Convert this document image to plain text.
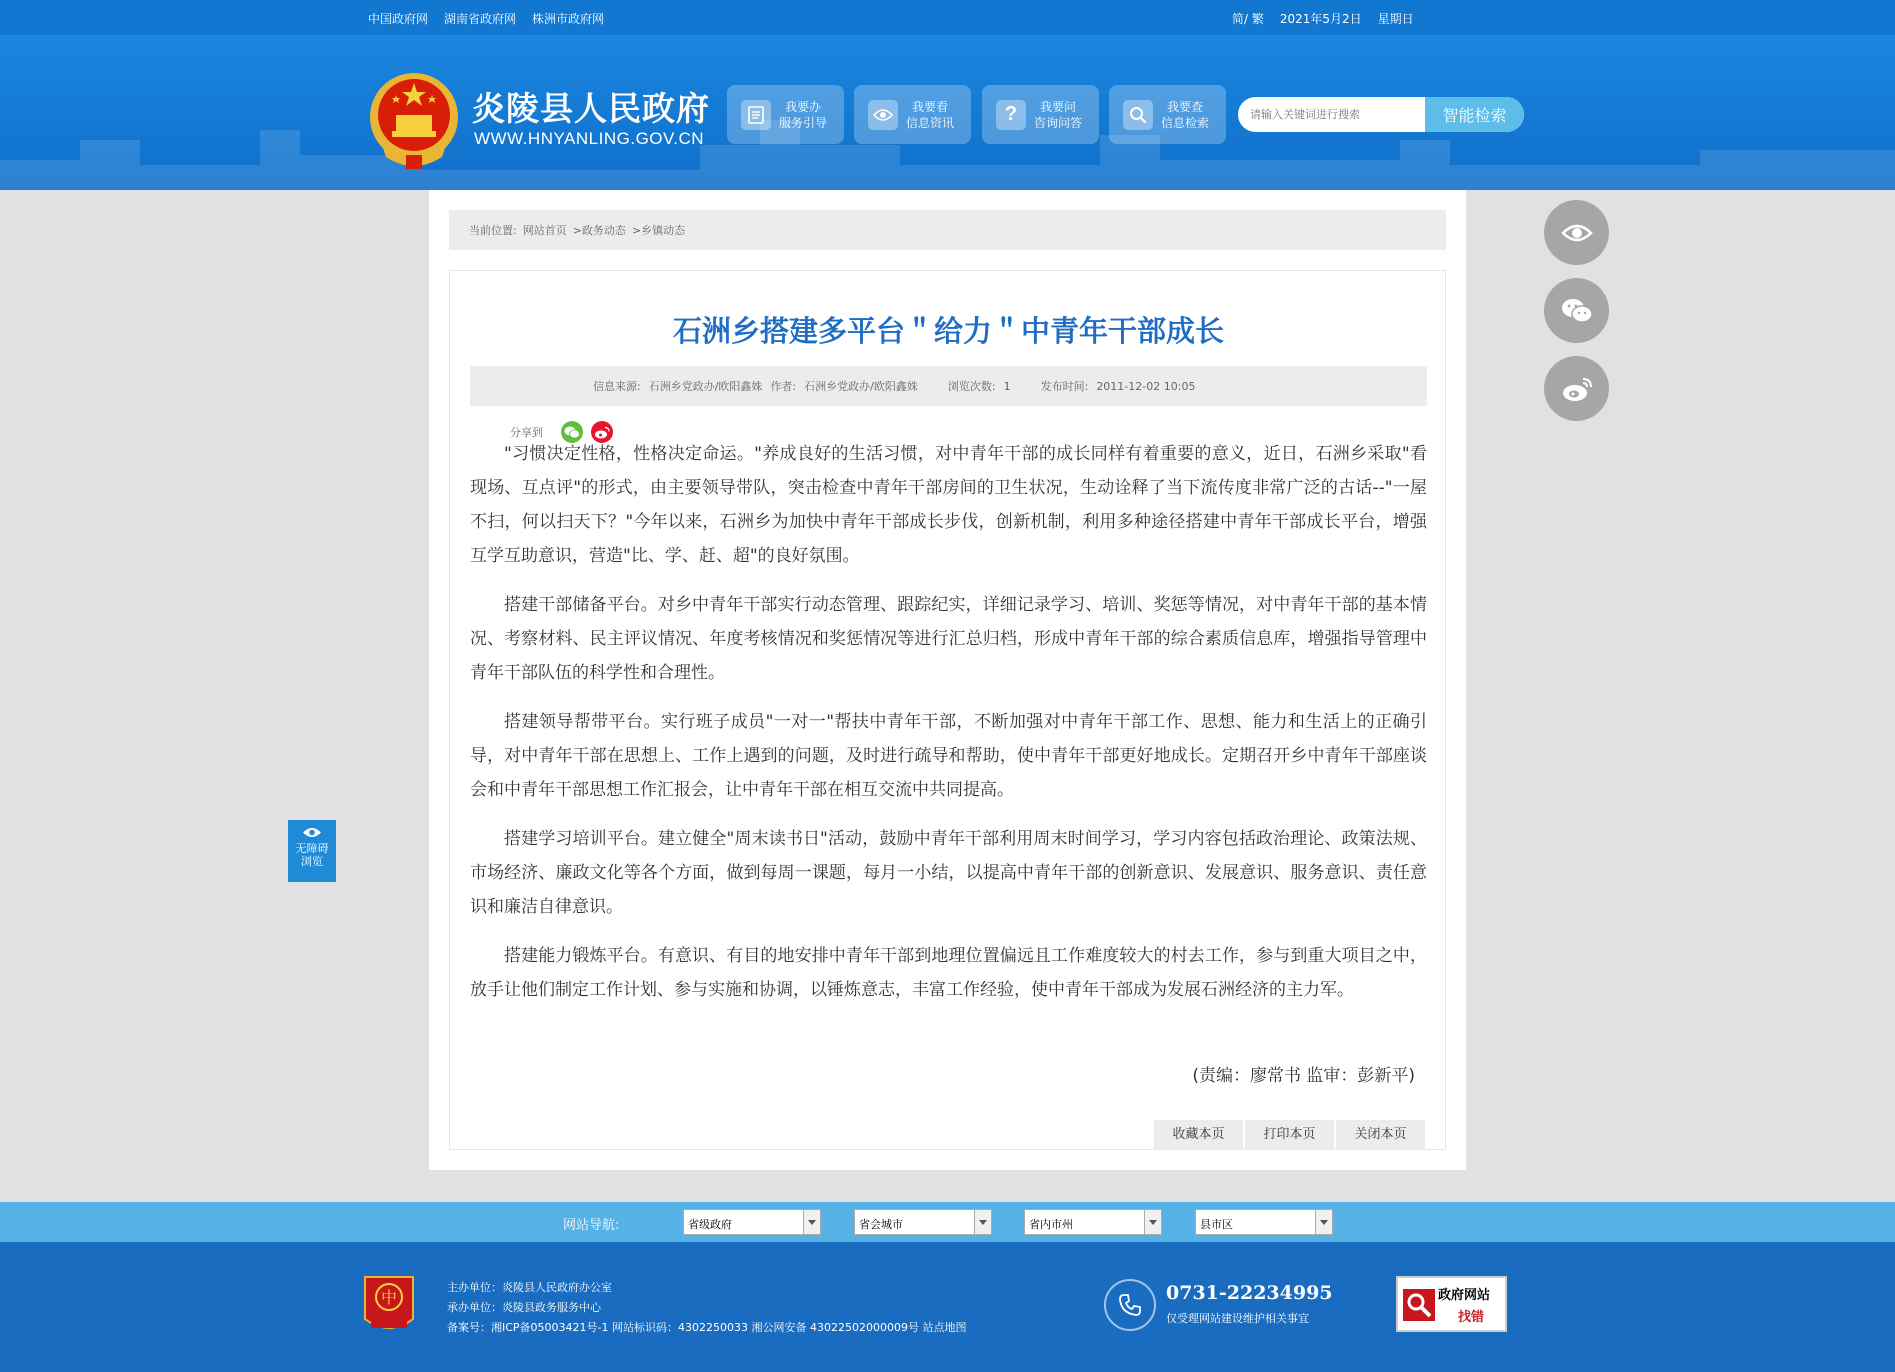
中国政府网 湖南省政府网 株洲市政府网	简/ 繁 2021年5月2日 星期日
炎陵县人民政府
WWW.HNYANLING.GOV.CN
我要办
服务引导
我要看
信息资讯	?	我要问
咨询问答
我要查
信息检索
请输入关键词进行搜索	智能检索
无障碍
浏览
当前位置: 网站首页 >政务动态 >乡镇动态
石洲乡搭建多平台＂给力＂中青年干部成长
信息来源: 石洲乡党政办/欧阳鑫姝 作者: 石洲乡党政办/欧阳鑫姝	浏览次数: 1	发布时间: 2011-12-02 10:05
分享到

"习惯决定性格，性格决定命运。"养成良好的生活习惯，对中青年干部的成长同样有着重要的意义，近日，石洲乡采取"看现场、互点评"的形式，由主要领导带队，突击检查中青年干部房间的卫生状况，生动诠释了当下流传度非常广泛的古话--"一屋不扫，何以扫天下？"今年以来，石洲乡为加快中青年干部成长步伐，创新机制，利用多种途径搭建中青年干部成长平台，增强互学互助意识，营造"比、学、赶、超"的良好氛围。

搭建干部储备平台。对乡中青年干部实行动态管理、跟踪纪实，详细记录学习、培训、奖惩等情况，对中青年干部的基本情况、考察材料、民主评议情况、年度考核情况和奖惩情况等进行汇总归档，形成中青年干部的综合素质信息库，增强指导管理中青年干部队伍的科学性和合理性。

搭建领导帮带平台。实行班子成员"一对一"帮扶中青年干部，不断加强对中青年干部工作、思想、能力和生活上的正确引导，对中青年干部在思想上、工作上遇到的问题，及时进行疏导和帮助，使中青年干部更好地成长。定期召开乡中青年干部座谈会和中青年干部思想工作汇报会，让中青年干部在相互交流中共同提高。

搭建学习培训平台。建立健全"周末读书日"活动，鼓励中青年干部利用周末时间学习，学习内容包括政治理论、政策法规、市场经济、廉政文化等各个方面，做到每周一课题，每月一小结，以提高中青年干部的创新意识、发展意识、服务意识、责任意识和廉洁自律意识。

搭建能力锻炼平台。有意识、有目的地安排中青年干部到地理位置偏远且工作难度较大的村去工作，参与到重大项目之中，放手让他们制定工作计划、参与实施和协调，以锤炼意志，丰富工作经验，使中青年干部成为发展石洲经济的主力军。

(责编：廖常书 监审：彭新平)
收藏本页	打印本页	关闭本页
网站导航:	省级政府	省会城市	省内市州	县市区
中
主办单位：炎陵县人民政府办公室
承办单位：炎陵县政务服务中心
备案号：湘ICP备05003421号-1 网站标识码：4302250033 湘公网安备 43022502000009号 站点地图
0731-22234995
仅受理网站建设维护相关事宜
政府网站
找错
